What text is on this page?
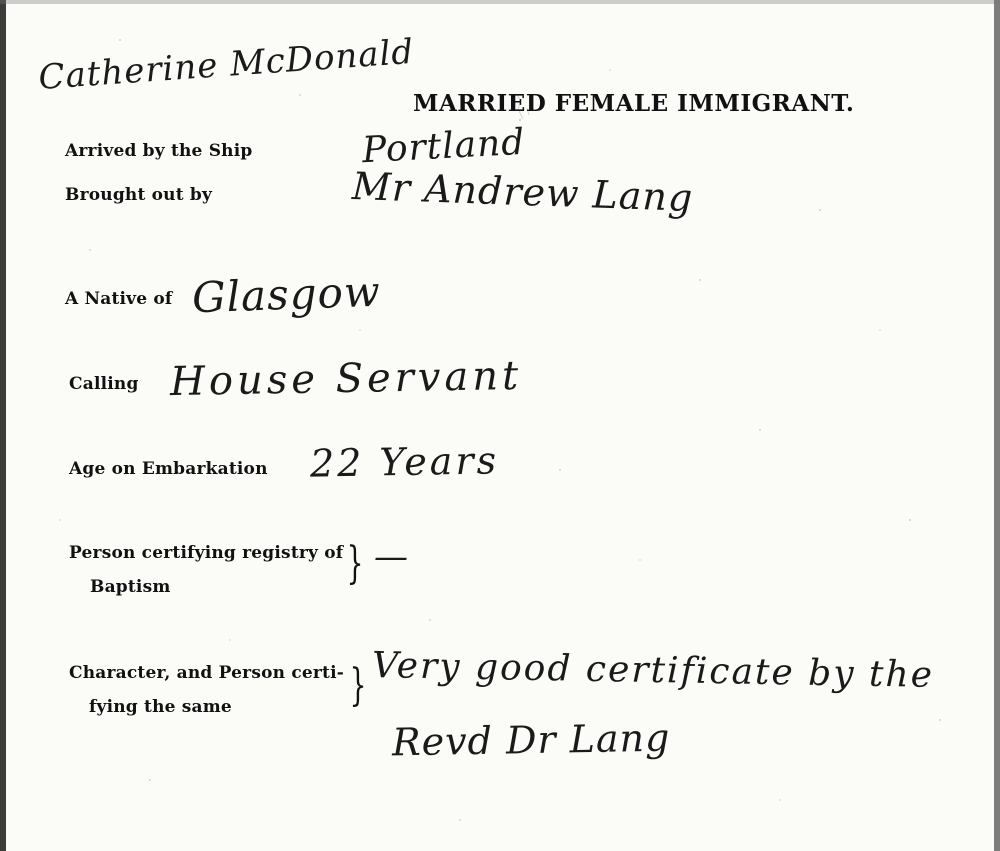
Catherine McDonald
MARRIED FEMALE IMMIGRANT.
Arrived by the Ship	Portland
Brought out by	Mr Andrew Lang
A Native of Glasgow
Calling House Servant
Age on Embarkation 22 Years
Person certifying registry of
Baptism	} —
Character, and Person certi-
fying the same	} Very good certificate by the
Revd Dr Lang
